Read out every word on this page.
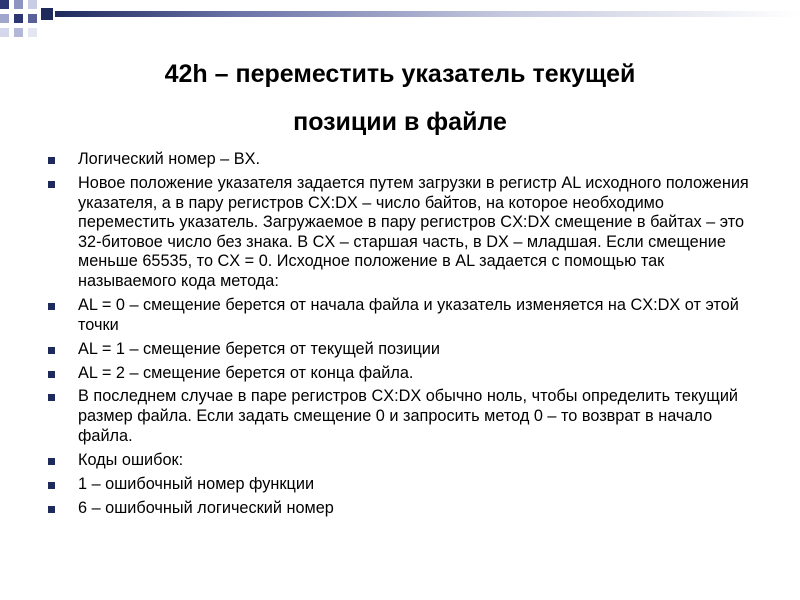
42h – переместить указатель текущей
позиции в файле
Логический номер – BX.
Новое положение указателя задается путем загрузки в регистр AL исходного положения указателя, а в пару регистров CX:DX – число байтов, на которое необходимо переместить указатель. Загружаемое в пару регистров CX:DX смещение в байтах – это 32-битовое число без знака. В CX – старшая часть, в DX – младшая. Если смещение меньше 65535, то CX = 0. Исходное положение в AL задается с помощью так называемого кода метода:
AL = 0 – смещение берется от начала файла и указатель изменяется на CX:DX от этой точки
AL = 1 – смещение берется от текущей позиции
AL = 2 – смещение берется от конца файла.
В последнем случае в паре регистров CX:DX обычно ноль, чтобы определить текущий размер файла. Если задать смещение 0 и запросить метод 0 – то возврат в начало файла.
Коды ошибок:
1 – ошибочный номер функции
6 – ошибочный логический номер
